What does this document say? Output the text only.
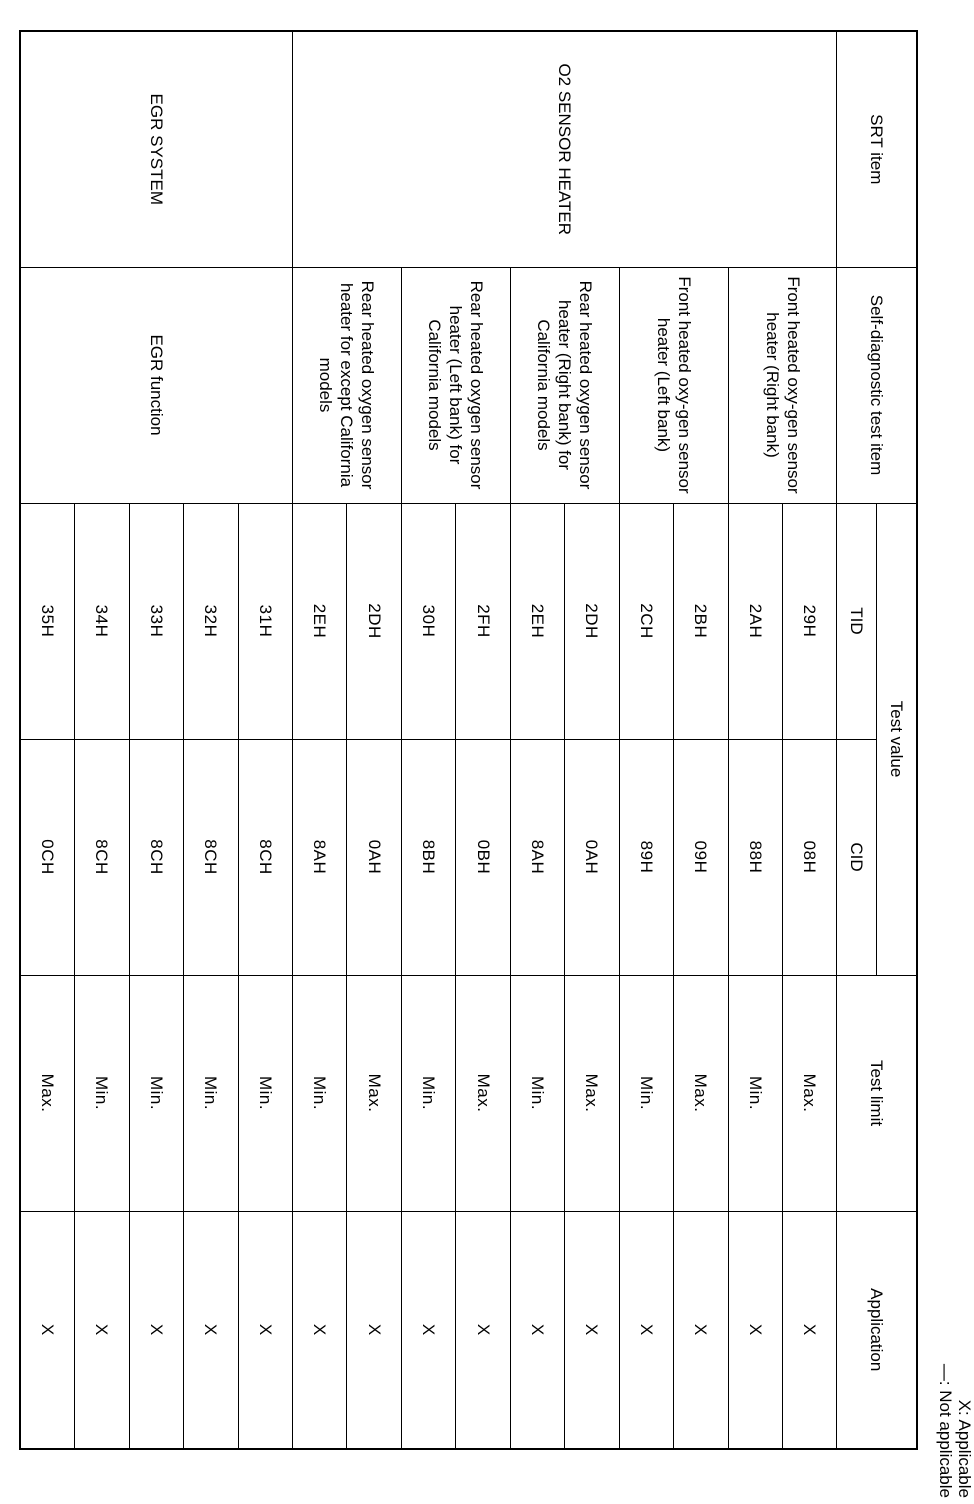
X: Applicable
—: Not applicable
SRT item	Self-diagnostic test item	Test value		Test limit	Application
		TID	CID		
O2 SENSOR HEATER	Front heated oxy-gen sensor heater (Right bank)	29H	08H	Max.	X
		2AH	88H	Min.	X
	Front heated oxy-gen sensor heater (Left bank)	2BH	09H	Max.	X
		2CH	89H	Min.	X
	Rear heated oxygen sensor heater (Right bank) for California models	2DH	0AH	Max.	X
		2EH	8AH	Min.	X
	Rear heated oxygen sensor heater (Left bank) for California models	2FH	0BH	Max.	X
		30H	8BH	Min.	X
	Rear heated oxygen sensor heater for except California models	2DH	0AH	Max.	X
		2EH	8AH	Min.	X
EGR SYSTEM	EGR function	31H	8CH	Min.	X
		32H	8CH	Min.	X
		33H	8CH	Min.	X
		34H	8CH	Min.	X
		35H	0CH	Max.	X
